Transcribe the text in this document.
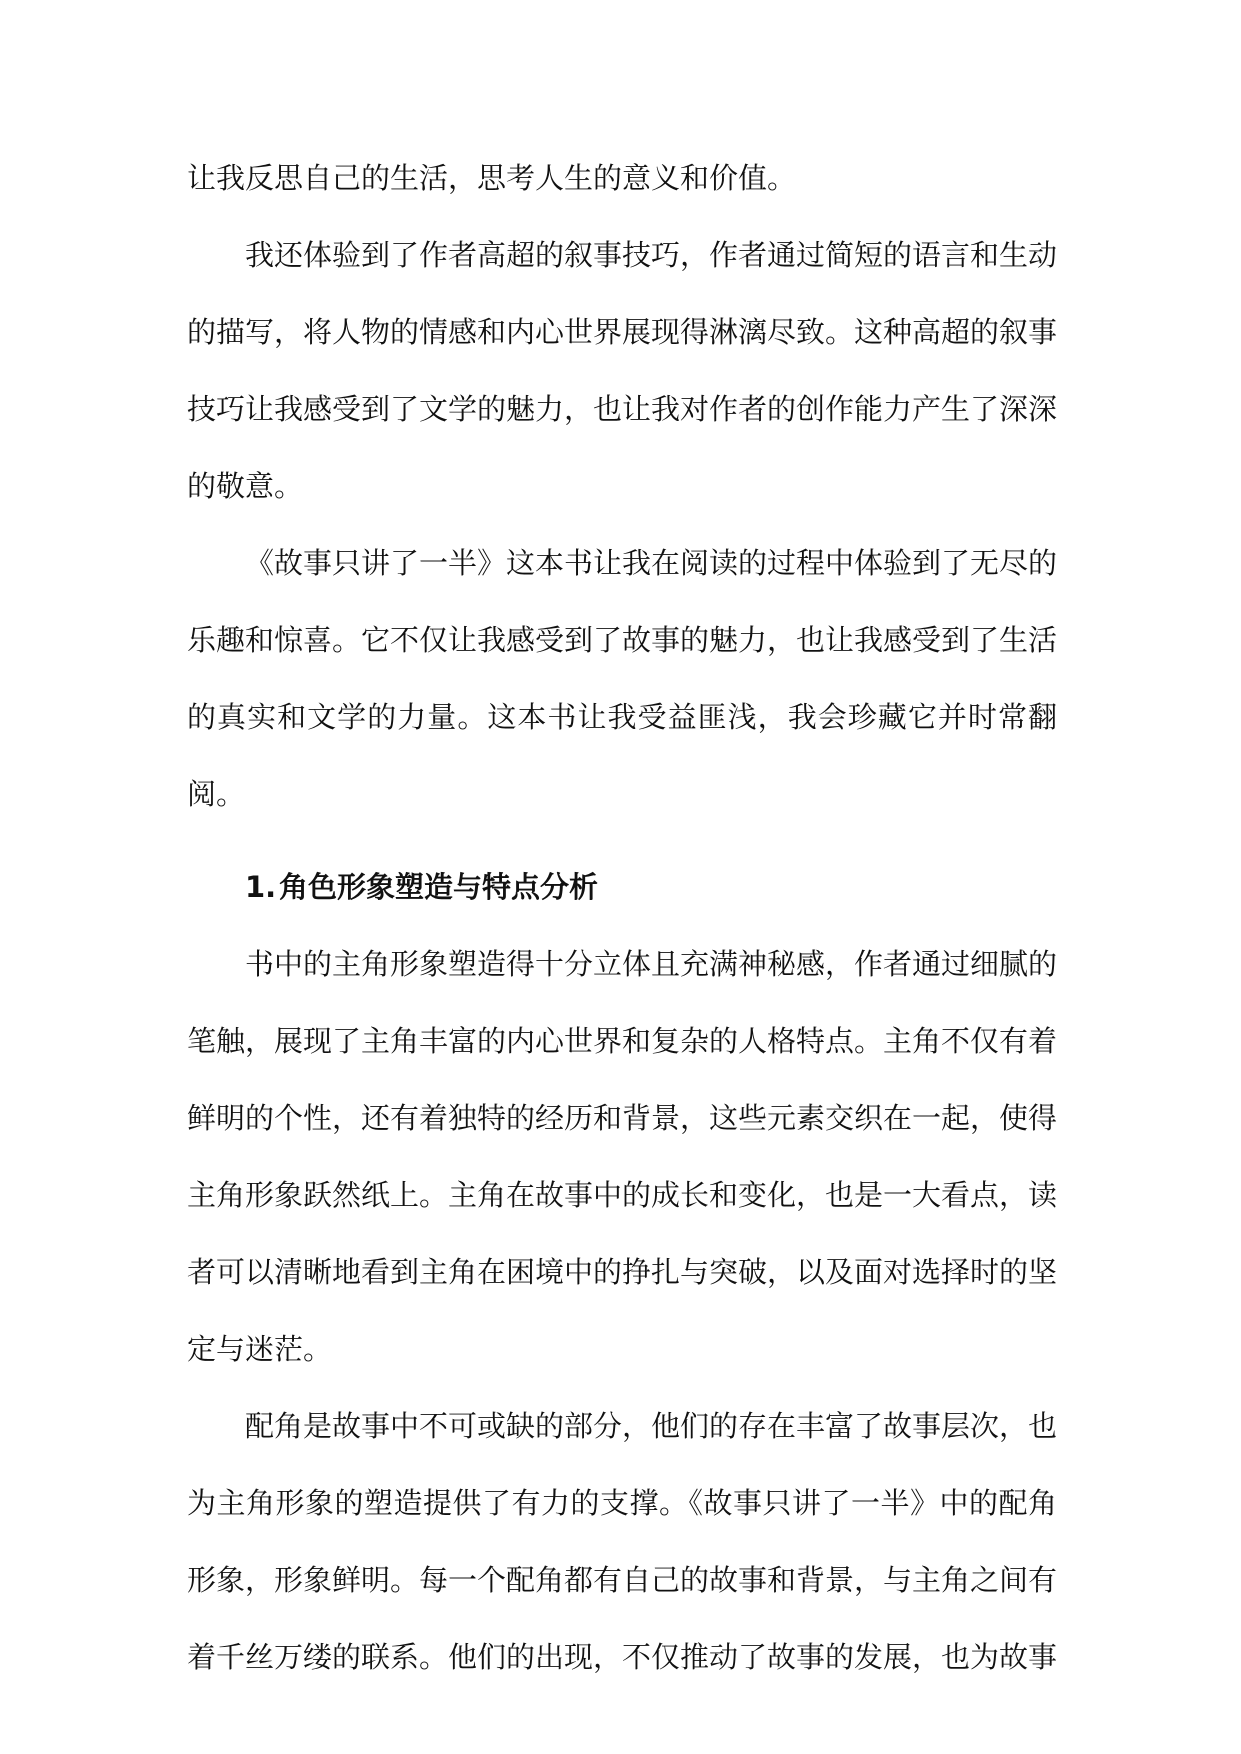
让我反思自己的生活，思考人生的意义和价值。

我还体验到了作者高超的叙事技巧，作者通过简短的语言和生动的描写，将人物的情感和内心世界展现得淋漓尽致。这种高超的叙事技巧让我感受到了文学的魅力，也让我对作者的创作能力产生了深深的敬意。

《故事只讲了一半》这本书让我在阅读的过程中体验到了无尽的乐趣和惊喜。它不仅让我感受到了故事的魅力，也让我感受到了生活的真实和文学的力量。这本书让我受益匪浅，我会珍藏它并时常翻阅。

1.角色形象塑造与特点分析

书中的主角形象塑造得十分立体且充满神秘感，作者通过细腻的笔触，展现了主角丰富的内心世界和复杂的人格特点。主角不仅有着鲜明的个性，还有着独特的经历和背景，这些元素交织在一起，使得主角形象跃然纸上。主角在故事中的成长和变化，也是一大看点，读者可以清晰地看到主角在困境中的挣扎与突破，以及面对选择时的坚定与迷茫。

配角是故事中不可或缺的部分，他们的存在丰富了故事层次，也为主角形象的塑造提供了有力的支撑。《故事只讲了一半》中的配角形象，形象鲜明。每一个配角都有自己的故事和背景，与主角之间有着千丝万缕的联系。他们的出现，不仅推动了故事的发展，也为故事
